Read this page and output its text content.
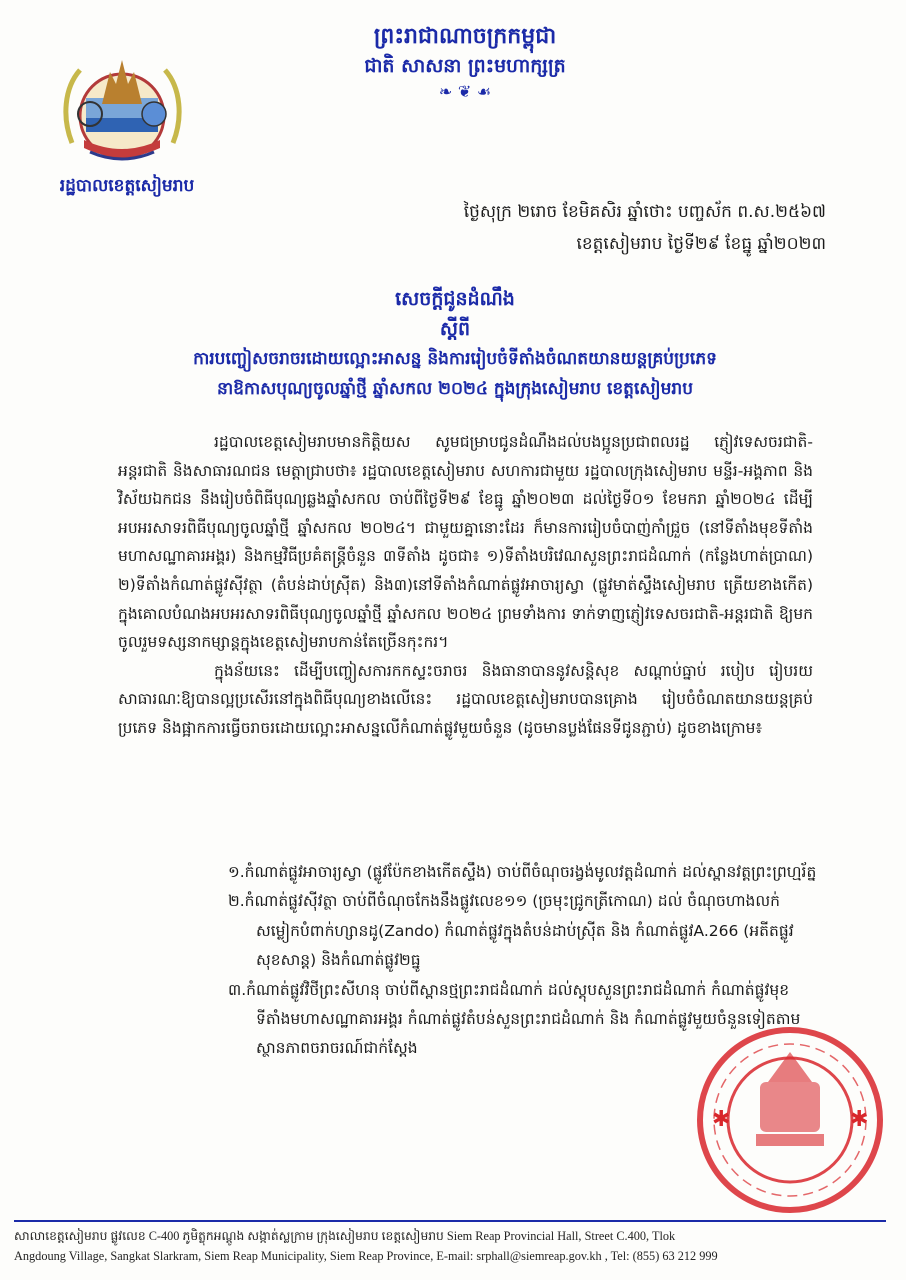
រដ្ឋបាលខេត្តសៀមរាប
ព្រះរាជាណាចក្រកម្ពុជា
ជាតិ សាសនា ព្រះមហាក្សត្រ
❧ ❦ ☙
ថ្ងៃសុក្រ ២រោច ខែមិគសិរ ឆ្នាំថោះ បញ្ចស័ក ព.ស.២៥៦៧
ខេត្តសៀមរាប ថ្ងៃទី២៩ ខែធ្នូ ឆ្នាំ២០២៣
សេចក្តីជូនដំណឹង
ស្តីពី
ការបញ្ចៀសចរាចរដោយល្អោះអាសន្ន និងការរៀបចំទីតាំងចំណតយានយន្តគ្រប់ប្រភេទ
នាឱកាសបុណ្យចូលឆ្នាំថ្មី ឆ្នាំសកល ២០២៤ ក្នុងក្រុងសៀមរាប ខេត្តសៀមរាប

រដ្ឋបាលខេត្តសៀមរាបមានកិត្តិយស សូមជម្រាបជូនដំណឹងដល់បងប្អូនប្រជាពលរដ្ឋ ភ្ញៀវទេសចរជាតិ-អន្តរជាតិ និងសាធារណជន មេត្តាជ្រាបថា៖ រដ្ឋបាលខេត្តសៀមរាប សហការជាមួយ រដ្ឋបាលក្រុងសៀមរាប មន្ទីរ-អង្គភាព និងវិស័យឯកជន នឹងរៀបចំពិធីបុណ្យឆ្លងឆ្នាំសកល ចាប់ពីថ្ងៃទី២៩ ខែធ្នូ ឆ្នាំ២០២៣ ដល់ថ្ងៃទី០១ ខែមករា ឆ្នាំ២០២៤ ដើម្បីអបអរសាទរពិធីបុណ្យចូលឆ្នាំថ្មី ឆ្នាំសកល ២០២៤។ ជាមួយគ្នានោះដែរ ក៏មានការរៀបចំបាញ់កាំជ្រួច (នៅទីតាំងមុខទីតាំងមហាសណ្ឋាគារអង្គរ) និងកម្មវិធីប្រគំតន្ត្រីចំនួន ៣ទីតាំង ដូចជា៖ ១)ទីតាំងបរិវេណសួនព្រះរាជដំណាក់ (កន្លែងហាត់ប្រាណ) ២)ទីតាំងកំណាត់ផ្លូវស៊ីវត្ថា (តំបន់ដាប់ស្រ៊ីត) និង៣)នៅទីតាំងកំណាត់ផ្លូវអាចារ្យស្វា (ផ្លូវមាត់ស្ទឹងសៀមរាប ត្រើយខាងកើត) ក្នុងគោលបំណងអបអរសាទរពិធីបុណ្យចូលឆ្នាំថ្មី ឆ្នាំសកល ២០២៤ ព្រមទាំងការ ទាក់ទាញភ្ញៀវទេសចរជាតិ-អន្តរជាតិ ឱ្យមកចូលរួមទស្សនាកម្សាន្តក្នុងខេត្តសៀមរាបកាន់តែច្រើនកុះករ។

ក្នុងន័យនេះ ដើម្បីបញ្ចៀសការកកស្ទះចរាចរ និងធានាបាននូវសន្តិសុខ សណ្តាប់ធ្នាប់ របៀប រៀបរយសាធារណៈឱ្យបានល្អប្រសើរនៅក្នុងពិធីបុណ្យខាងលើនេះ រដ្ឋបាលខេត្តសៀមរាបបានគ្រោង រៀបចំចំណតយានយន្តគ្រប់ប្រភេទ និងផ្អាកការធ្វើចរាចរដោយល្អោះអាសន្នលើកំណាត់ផ្លូវមួយចំនួន (ដូចមានប្លង់ផែនទីជូនភ្ជាប់) ដូចខាងក្រោម៖

១.កំណាត់ផ្លូវអាចារ្យស្វា (ផ្លូវប៉ែកខាងកើតស្ទឹង) ចាប់ពីចំណុចរង្វង់មូលវត្តដំណាក់ ដល់ស្ពានវត្តព្រះព្រហ្មរ័ត្ន
២.កំណាត់ផ្លូវស៊ីវត្ថា ចាប់ពីចំណុចកែងនឹងផ្លូវលេខ១១ (ច្រមុះជ្រូកត្រីកោណ) ដល់ ចំណុចហាងលក់សម្លៀកបំពាក់ហ្សានដូ(Zando) កំណាត់ផ្លូវក្នុងតំបន់ដាប់ស្រ៊ីត និង កំណាត់ផ្លូវA.266 (អតីតផ្លូវសុខសាន្ត) និងកំណាត់ផ្លូវ២ធ្នូ
៣.កំណាត់ផ្លូវវិថីព្រះសីហនុ ចាប់ពីស្ពានថ្មព្រះរាជដំណាក់ ដល់ស្តុបសួនព្រះរាជដំណាក់ កំណាត់ផ្លូវមុខទីតាំងមហាសណ្ឋាគារអង្គរ កំណាត់ផ្លូវតំបន់សួនព្រះរាជដំណាក់ និង កំណាត់ផ្លូវមួយចំនួនទៀតតាមស្ថានភាពចរាចរណ៍ជាក់ស្តែង
✱	✱
សាលាខេត្តសៀមរាប ផ្លូវលេខ C-400 ភូមិត្លុកអណ្តូង សង្កាត់ស្លក្រាម ក្រុងសៀមរាប ខេត្តសៀមរាប Siem Reap Provincial Hall, Street C.400, Tlok
Angdoung Village, Sangkat Slarkram, Siem Reap Municipality, Siem Reap Province, E-mail: srphall@siemreap.gov.kh , Tel: (855) 63 212 999
